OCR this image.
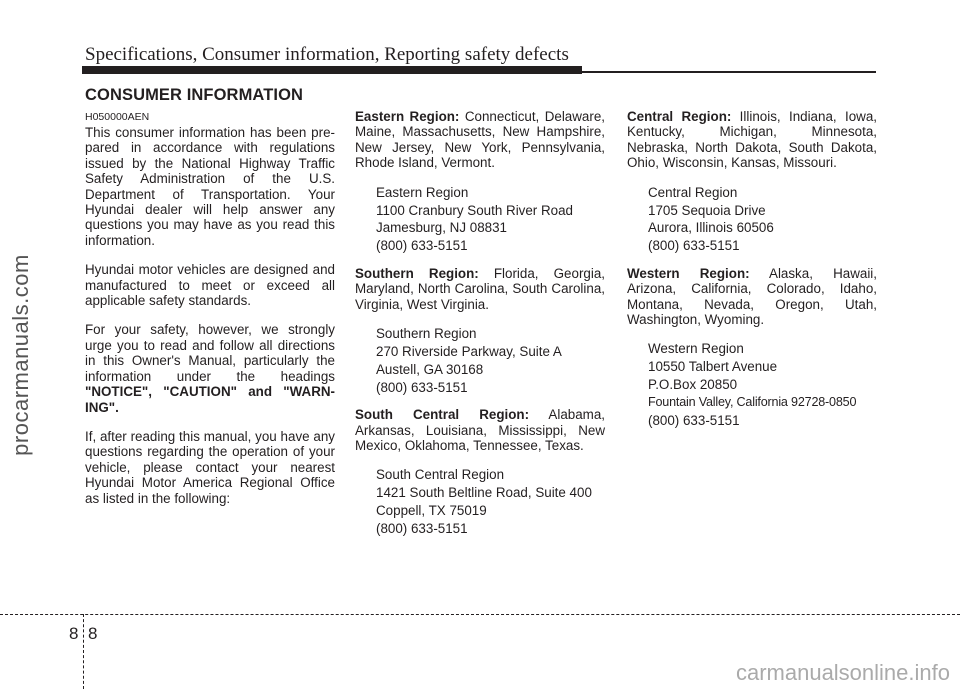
Specifications, Consumer information, Reporting safety defects
CONSUMER INFORMATION
H050000AEN

This consumer information has been pre-pared in accordance with regulations issued by the National Highway Traffic Safety Administration of the U.S. Department of Transportation. Your Hyundai dealer will help answer any questions you may have as you read this information.

Hyundai motor vehicles are designed and manufactured to meet or exceed all applicable safety standards.

For your safety, however, we strongly urge you to read and follow all directions in this Owner's Manual, particularly the information under the headings "NOTICE", "CAUTION" and "WARN-ING".

If, after reading this manual, you have any questions regarding the operation of your vehicle, please contact your nearest Hyundai Motor America Regional Office as listed in the following:

Eastern Region: Connecticut, Delaware, Maine, Massachusetts, New Hampshire, New Jersey, New York, Pennsylvania, Rhode Island, Vermont.

Eastern Region
1100 Cranbury South River Road
Jamesburg, NJ 08831
(800) 633-5151

Southern Region: Florida, Georgia, Maryland, North Carolina, South Carolina, Virginia, West Virginia.

Southern Region
270 Riverside Parkway, Suite A
Austell, GA 30168
(800) 633-5151

South Central Region: Alabama, Arkansas, Louisiana, Mississippi, New Mexico, Oklahoma, Tennessee, Texas.

South Central Region
1421 South Beltline Road, Suite 400
Coppell, TX 75019
(800) 633-5151

Central Region: Illinois, Indiana, Iowa, Kentucky, Michigan, Minnesota, Nebraska, North Dakota, South Dakota, Ohio, Wisconsin, Kansas, Missouri.

Central Region
1705 Sequoia Drive
Aurora, Illinois 60506
(800) 633-5151

Western Region: Alaska, Hawaii, Arizona, California, Colorado, Idaho, Montana, Nevada, Oregon, Utah, Washington, Wyoming.

Western Region
10550 Talbert Avenue
P.O.Box 20850
Fountain Valley, California 92728-0850
(800) 633-5151
procarmanuals.com
carmanualsonline.info
8 8
